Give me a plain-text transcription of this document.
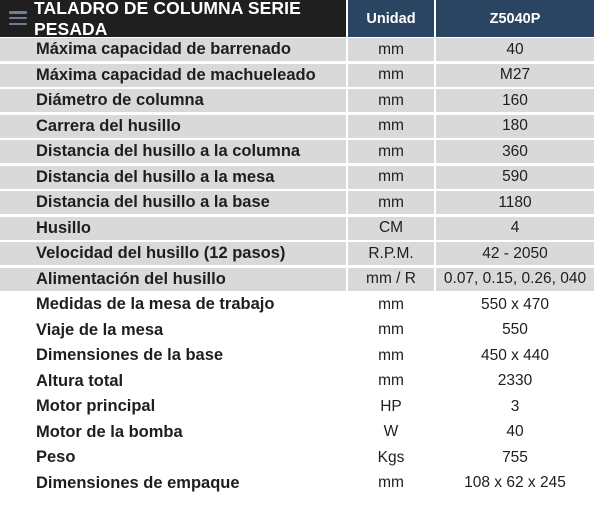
TALADRO DE COLUMNA SERIE PESADA	Unidad	Z5040P
Máxima capacidad de barrenado	mm	40
Máxima capacidad de machueleado	mm	M27
Diámetro de columna	mm	160
Carrera del husillo	mm	180
Distancia del husillo a la columna	mm	360
Distancia del husillo a la mesa	mm	590
Distancia del husillo a la base	mm	1180
Husillo	CM	4
Velocidad del husillo (12 pasos)	R.P.M.	42 - 2050
Alimentación del husillo	mm / R	0.07, 0.15, 0.26, 040
Medidas de la mesa de trabajo	mm	550 x 470
Viaje de la mesa	mm	550
Dimensiones de la base	mm	450 x 440
Altura total	mm	2330
Motor principal	HP	3
Motor de la bomba	W	40
Peso	Kgs	755
Dimensiones de empaque	mm	108 x 62 x 245
